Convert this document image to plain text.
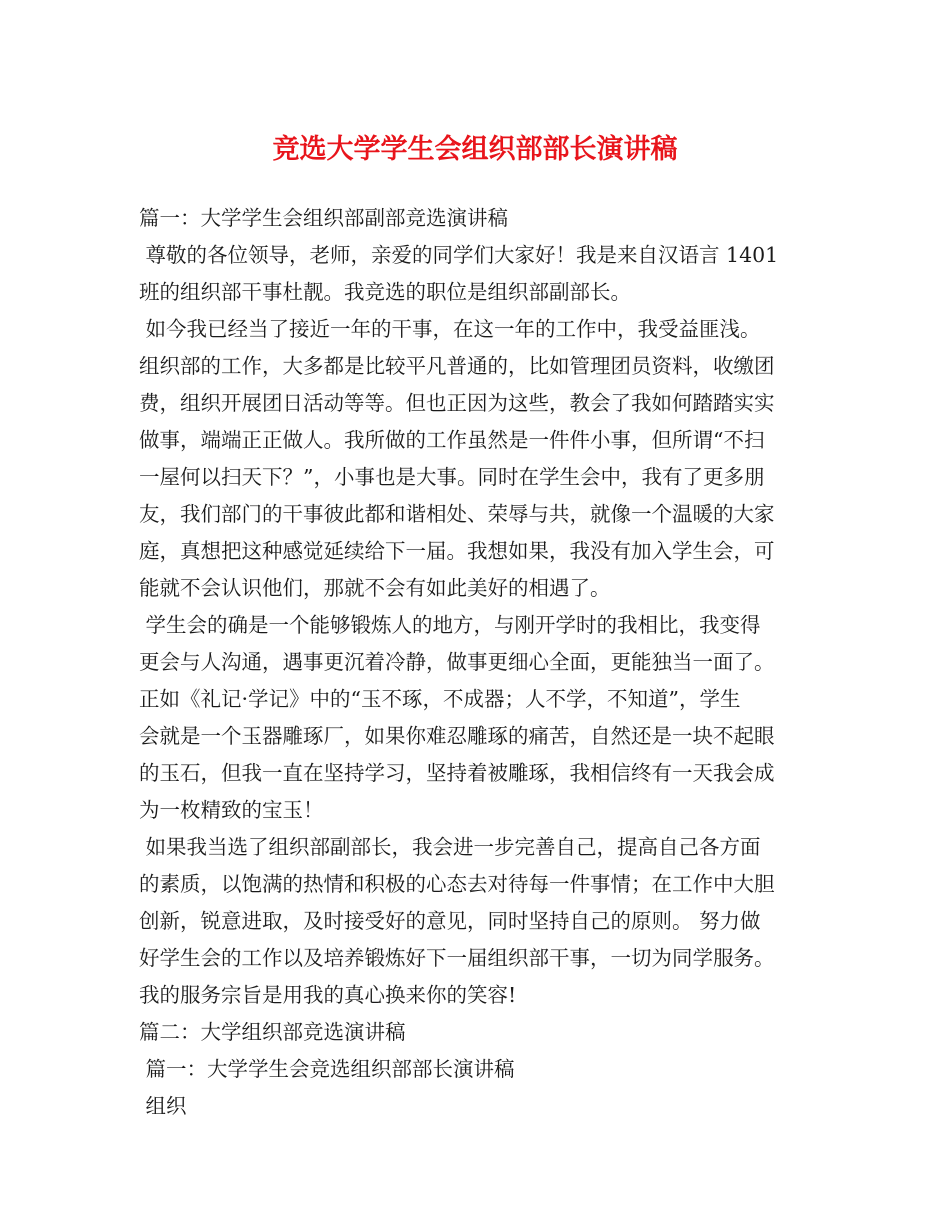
竞选大学学生会组织部部长演讲稿
篇一：大学学生会组织部副部竞选演讲稿
尊敬的各位领导，老师，亲爱的同学们大家好！我是来自汉语言 1401
班的组织部干事杜靓。我竞选的职位是组织部副部长。
如今我已经当了接近一年的干事，在这一年的工作中，我受益匪浅。
组织部的工作，大多都是比较平凡普通的，比如管理团员资料，收缴团
费，组织开展团日活动等等。但也正因为这些，教会了我如何踏踏实实
做事，端端正正做人。我所做的工作虽然是一件件小事，但所谓“不扫
一屋何以扫天下？”，小事也是大事。同时在学生会中，我有了更多朋
友，我们部门的干事彼此都和谐相处、荣辱与共，就像一个温暖的大家
庭，真想把这种感觉延续给下一届。我想如果，我没有加入学生会，可
能就不会认识他们，那就不会有如此美好的相遇了。
学生会的确是一个能够锻炼人的地方，与刚开学时的我相比，我变得
更会与人沟通，遇事更沉着冷静，做事更细心全面，更能独当一面了。
正如《礼记·学记》中的“玉不琢，不成器；人不学，不知道”，学生
会就是一个玉器雕琢厂，如果你难忍雕琢的痛苦，自然还是一块不起眼
的玉石，但我一直在坚持学习，坚持着被雕琢，我相信终有一天我会成
为一枚精致的宝玉！
如果我当选了组织部副部长，我会进一步完善自己，提高自己各方面
的素质，以饱满的热情和积极的心态去对待每一件事情；在工作中大胆
创新，锐意进取，及时接受好的意见，同时坚持自己的原则。 努力做
好学生会的工作以及培养锻炼好下一届组织部干事，一切为同学服务。
我的服务宗旨是用我的真心换来你的笑容!
篇二：大学组织部竞选演讲稿
篇一：大学学生会竞选组织部部长演讲稿
组织
